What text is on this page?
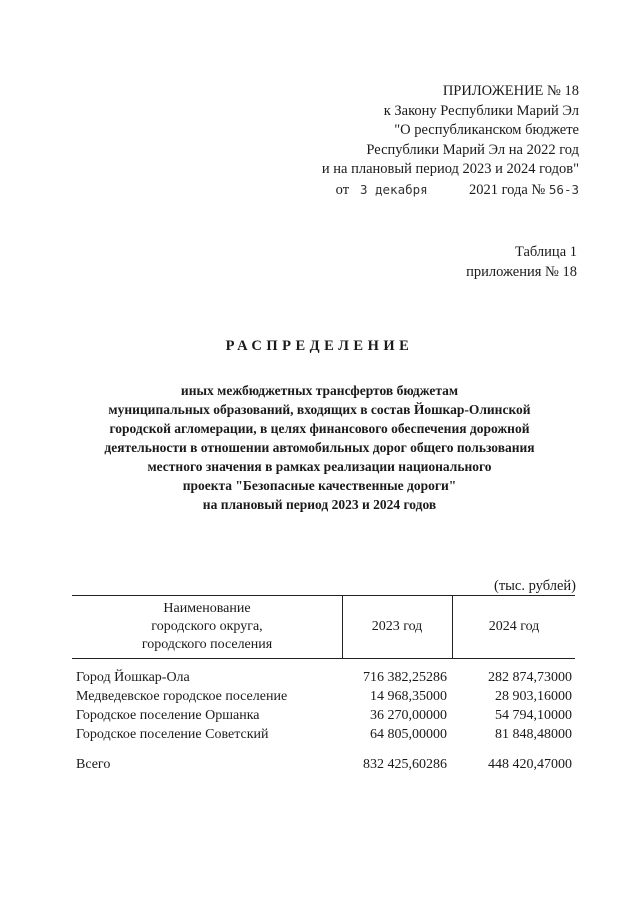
ПРИЛОЖЕНИЕ № 18
к Закону Республики Марий Эл
"О республиканском бюджете
Республики Марий Эл на 2022 год
и на плановый период 2023 и 2024 годов"
от 3 декабря	2021 года № 56-З
Таблица 1
приложения № 18
РАСПРЕДЕЛЕНИЕ
иных межбюджетных трансфертов бюджетам
муниципальных образований, входящих в состав Йошкар-Олинской
городской агломерации, в целях финансового обеспечения дорожной
деятельности в отношении автомобильных дорог общего пользования
местного значения в рамках реализации национального
проекта "Безопасные качественные дороги"
на плановый период 2023 и 2024 годов
(тыс. рублей)
Наименование
городского округа,
городского поселения
2023 год	2024 год
Город Йошкар-Ола	716 382,25286	282 874,73000
Медведевское городское поселение	14 968,35000	28 903,16000
Городское поселение Оршанка	36 270,00000	54 794,10000
Городское поселение Советский	64 805,00000	81 848,48000
Всего	832 425,60286	448 420,47000
